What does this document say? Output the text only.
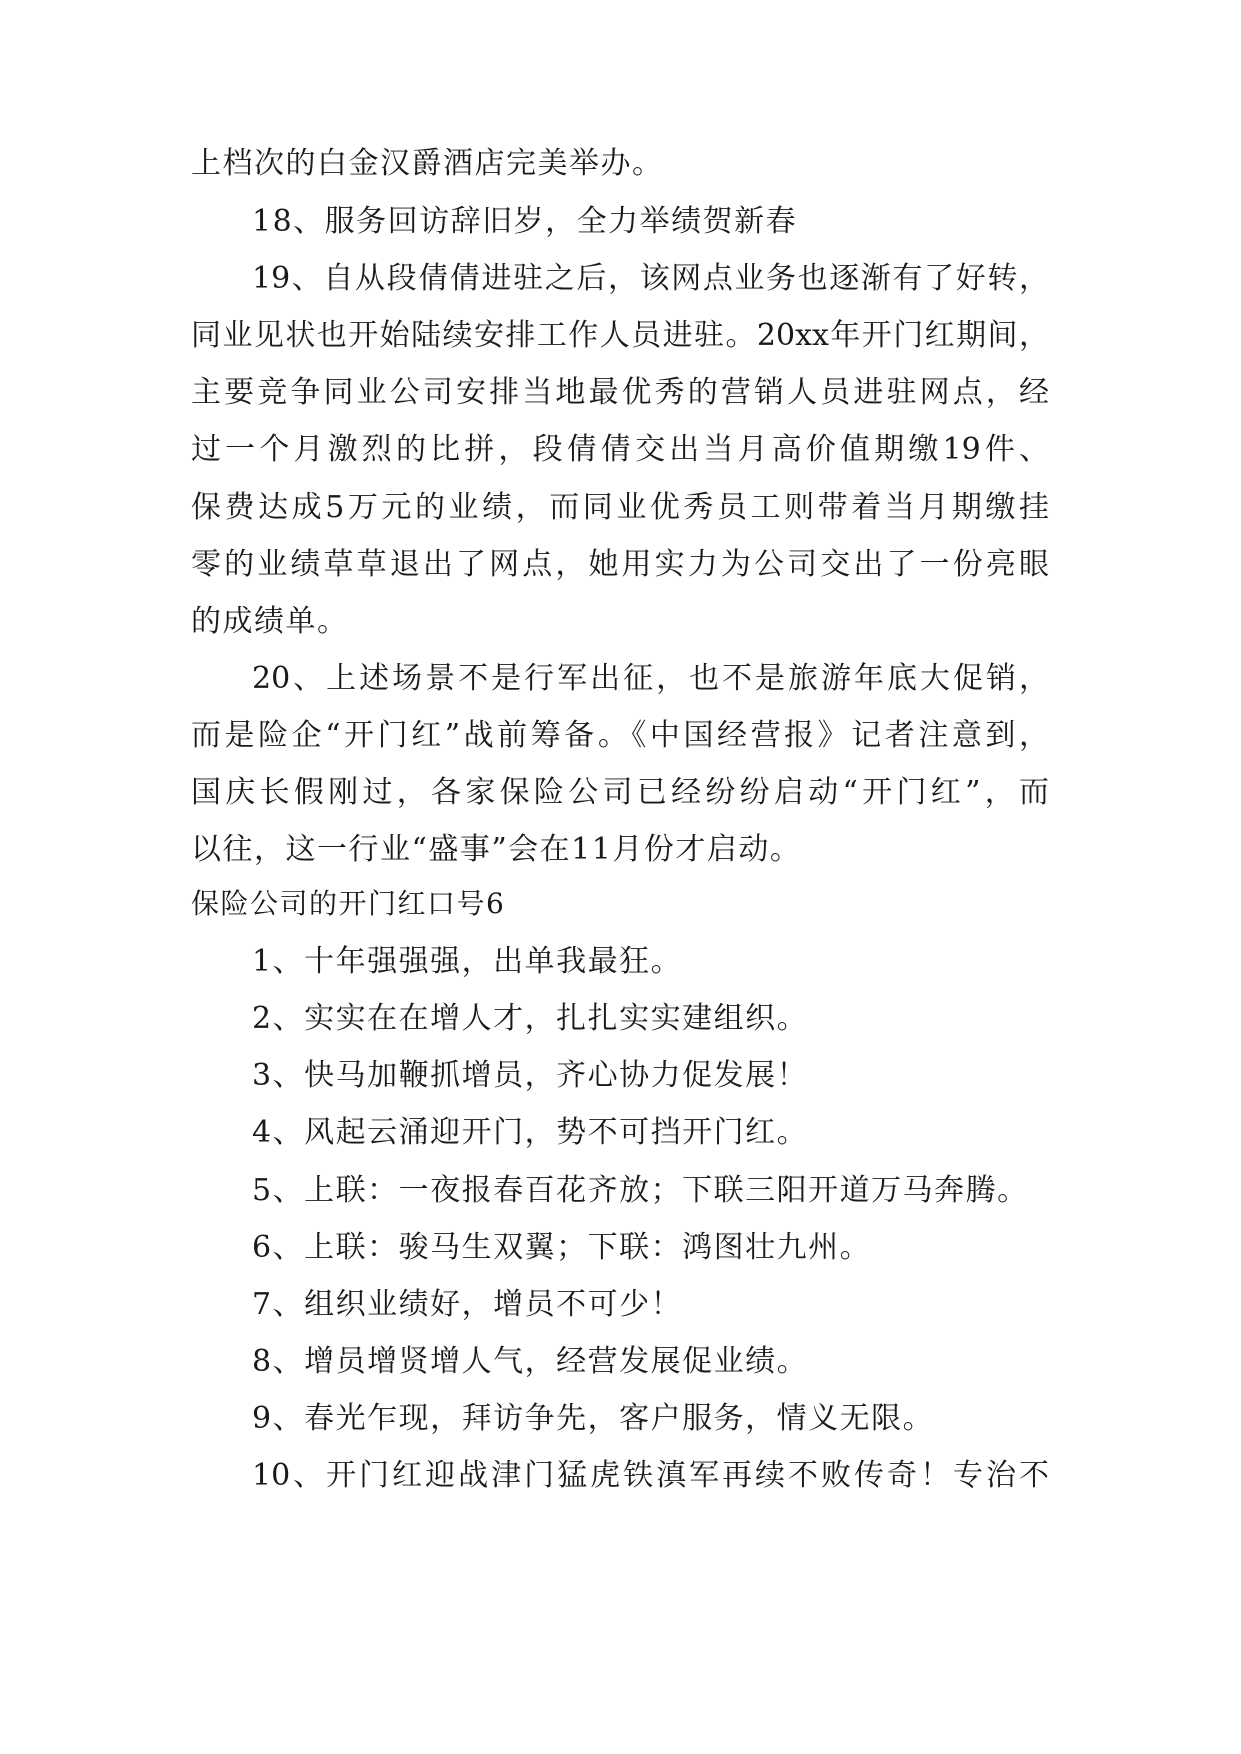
上档次的白金汉爵酒店完美举办。

18、服务回访辞旧岁，全力举绩贺新春

19、自从段倩倩进驻之后，该网点业务也逐渐有了好转，

同业见状也开始陆续安排工作人员进驻。20xx年开门红期间，

主要竞争同业公司安排当地最优秀的营销人员进驻网点，经

过一个月激烈的比拼，段倩倩交出当月高价值期缴19件、

保费达成5万元的业绩，而同业优秀员工则带着当月期缴挂

零的业绩草草退出了网点，她用实力为公司交出了一份亮眼

的成绩单。

20、上述场景不是行军出征，也不是旅游年底大促销，

而是险企“开门红”战前筹备。《中国经营报》记者注意到，

国庆长假刚过，各家保险公司已经纷纷启动“开门红”，而

以往，这一行业“盛事”会在11月份才启动。

保险公司的开门红口号6

1、十年强强强，出单我最狂。

2、实实在在增人才，扎扎实实建组织。

3、快马加鞭抓增员，齐心协力促发展！

4、风起云涌迎开门，势不可挡开门红。

5、上联：一夜报春百花齐放；下联三阳开道万马奔腾。

6、上联：骏马生双翼；下联：鸿图壮九州。

7、组织业绩好，增员不可少！

8、增员增贤增人气，经营发展促业绩。

9、春光乍现，拜访争先，客户服务，情义无限。

10、开门红迎战津门猛虎铁滇军再续不败传奇！专治不
